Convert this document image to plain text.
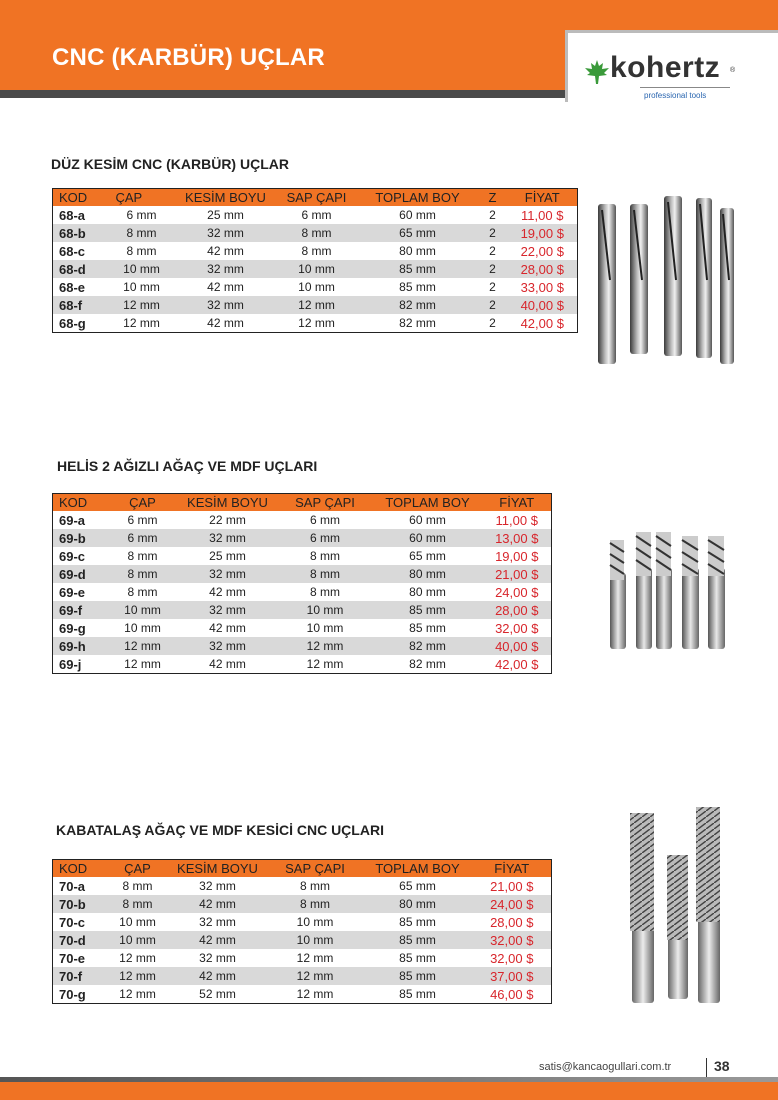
CNC (KARBÜR) UÇLAR	kohertz ®
professional tools
DÜZ KESİM CNC (KARBÜR) UÇLAR
KOD	ÇAP	KESİM BOYU	SAP ÇAPI	TOPLAM BOY	Z	FİYAT
68-a	6 mm	25 mm	6 mm	60 mm	2	11,00 $
68-b	8 mm	32 mm	8 mm	65 mm	2	19,00 $
68-c	8 mm	42 mm	8 mm	80 mm	2	22,00 $
68-d	10 mm	32 mm	10 mm	85 mm	2	28,00 $
68-e	10 mm	42 mm	10 mm	85 mm	2	33,00 $
68-f	12 mm	32 mm	12 mm	82 mm	2	40,00 $
68-g	12 mm	42 mm	12 mm	82 mm	2	42,00 $
HELİS 2 AĞIZLI AĞAÇ VE MDF UÇLARI
KOD	ÇAP	KESİM BOYU	SAP ÇAPI	TOPLAM BOY	FİYAT
69-a	6 mm	22 mm	6 mm	60 mm	11,00 $
69-b	6 mm	32 mm	6 mm	60 mm	13,00 $
69-c	8 mm	25 mm	8 mm	65 mm	19,00 $
69-d	8 mm	32 mm	8 mm	80 mm	21,00 $
69-e	8 mm	42 mm	8 mm	80 mm	24,00 $
69-f	10 mm	32 mm	10 mm	85 mm	28,00 $
69-g	10 mm	42 mm	10 mm	85 mm	32,00 $
69-h	12 mm	32 mm	12 mm	82 mm	40,00 $
69-j	12 mm	42 mm	12 mm	82 mm	42,00 $
KABATALAŞ AĞAÇ VE MDF KESİCİ CNC UÇLARI
KOD	ÇAP	KESİM BOYU	SAP ÇAPI	TOPLAM BOY	FİYAT
70-a	8 mm	32 mm	8 mm	65 mm	21,00 $
70-b	8 mm	42 mm	8 mm	80 mm	24,00 $
70-c	10 mm	32 mm	10 mm	85 mm	28,00 $
70-d	10 mm	42 mm	10 mm	85 mm	32,00 $
70-e	12 mm	32 mm	12 mm	85 mm	32,00 $
70-f	12 mm	42 mm	12 mm	85 mm	37,00 $
70-g	12 mm	52 mm	12 mm	85 mm	46,00 $
satis@kancaogullari.com.tr	38
